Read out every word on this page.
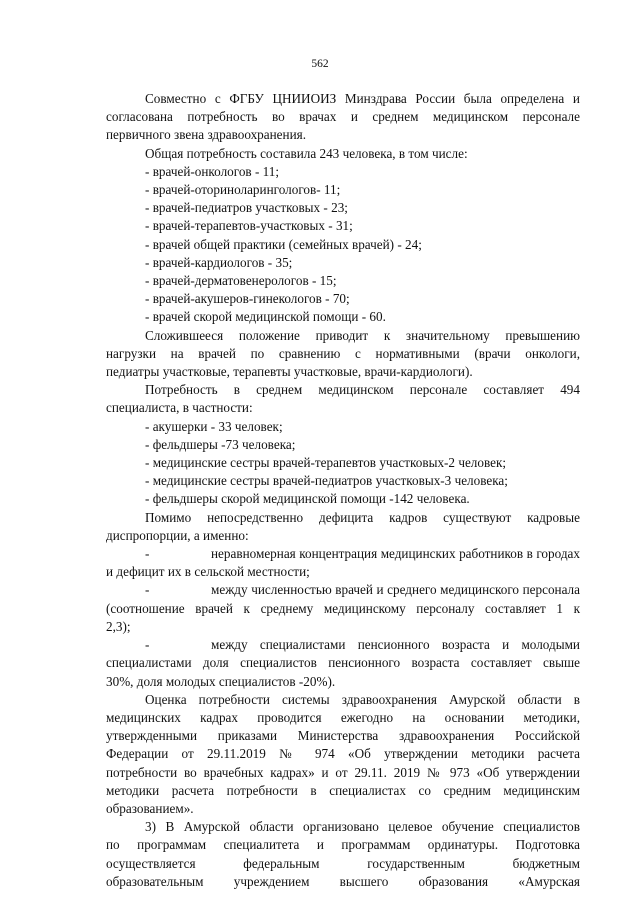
562

Совместно с ФГБУ ЦНИИОИЗ Минздрава России была определена и

согласована потребность во врачах и среднем медицинском персонале

первичного звена здравоохранения.

Общая потребность составила 243 человека, в том числе:

- врачей-онкологов - 11;

- врачей-оториноларингологов- 11;

- врачей-педиатров участковых - 23;

- врачей-терапевтов-участковых - 31;

- врачей общей практики (семейных врачей) - 24;

- врачей-кардиологов - 35;

- врачей-дерматовенерологов - 15;

- врачей-акушеров-гинекологов - 70;

- врачей скорой медицинской помощи - 60.

Сложившееся положение приводит к значительному превышению

нагрузки на врачей по сравнению с нормативными (врачи онкологи,

педиатры участковые, терапевты участковые, врачи-кардиологи).

Потребность в среднем медицинском персонале составляет 494

специалиста, в частности:

- акушерки - 33 человек;

- фельдшеры -73 человека;

- медицинские сестры врачей-терапевтов участковых-2 человек;

- медицинские сестры врачей-педиатров участковых-3 человека;

- фельдшеры скорой медицинской помощи -142 человека.

Помимо непосредственно дефицита кадров существуют кадровые

диспропорции, а именно:

-	неравномерная концентрация медицинских работников в городах

и дефицит их в сельской местности;

-	между численностью врачей и среднего медицинского персонала

(соотношение врачей к среднему медицинскому персоналу составляет 1 к

2,3);

-	между специалистами пенсионного возраста и молодыми

специалистами доля специалистов пенсионного возраста составляет свыше

30%, доля молодых специалистов -20%).

Оценка потребности системы здравоохранения Амурской области в

медицинских кадрах проводится ежегодно на основании методики,

утвержденными приказами Министерства здравоохранения Российской

Федерации от 29.11.2019 № 974 «Об утверждении методики расчета

потребности во врачебных кадрах» и от 29.11. 2019 № 973 «Об утверждении

методики расчета потребности в специалистах со средним медицинским

образованием».

3) В Амурской области организовано целевое обучение специалистов

по программам специалитета и программам ординатуры. Подготовка

осуществляется федеральным государственным бюджетным

образовательным учреждением высшего образования «Амурская
